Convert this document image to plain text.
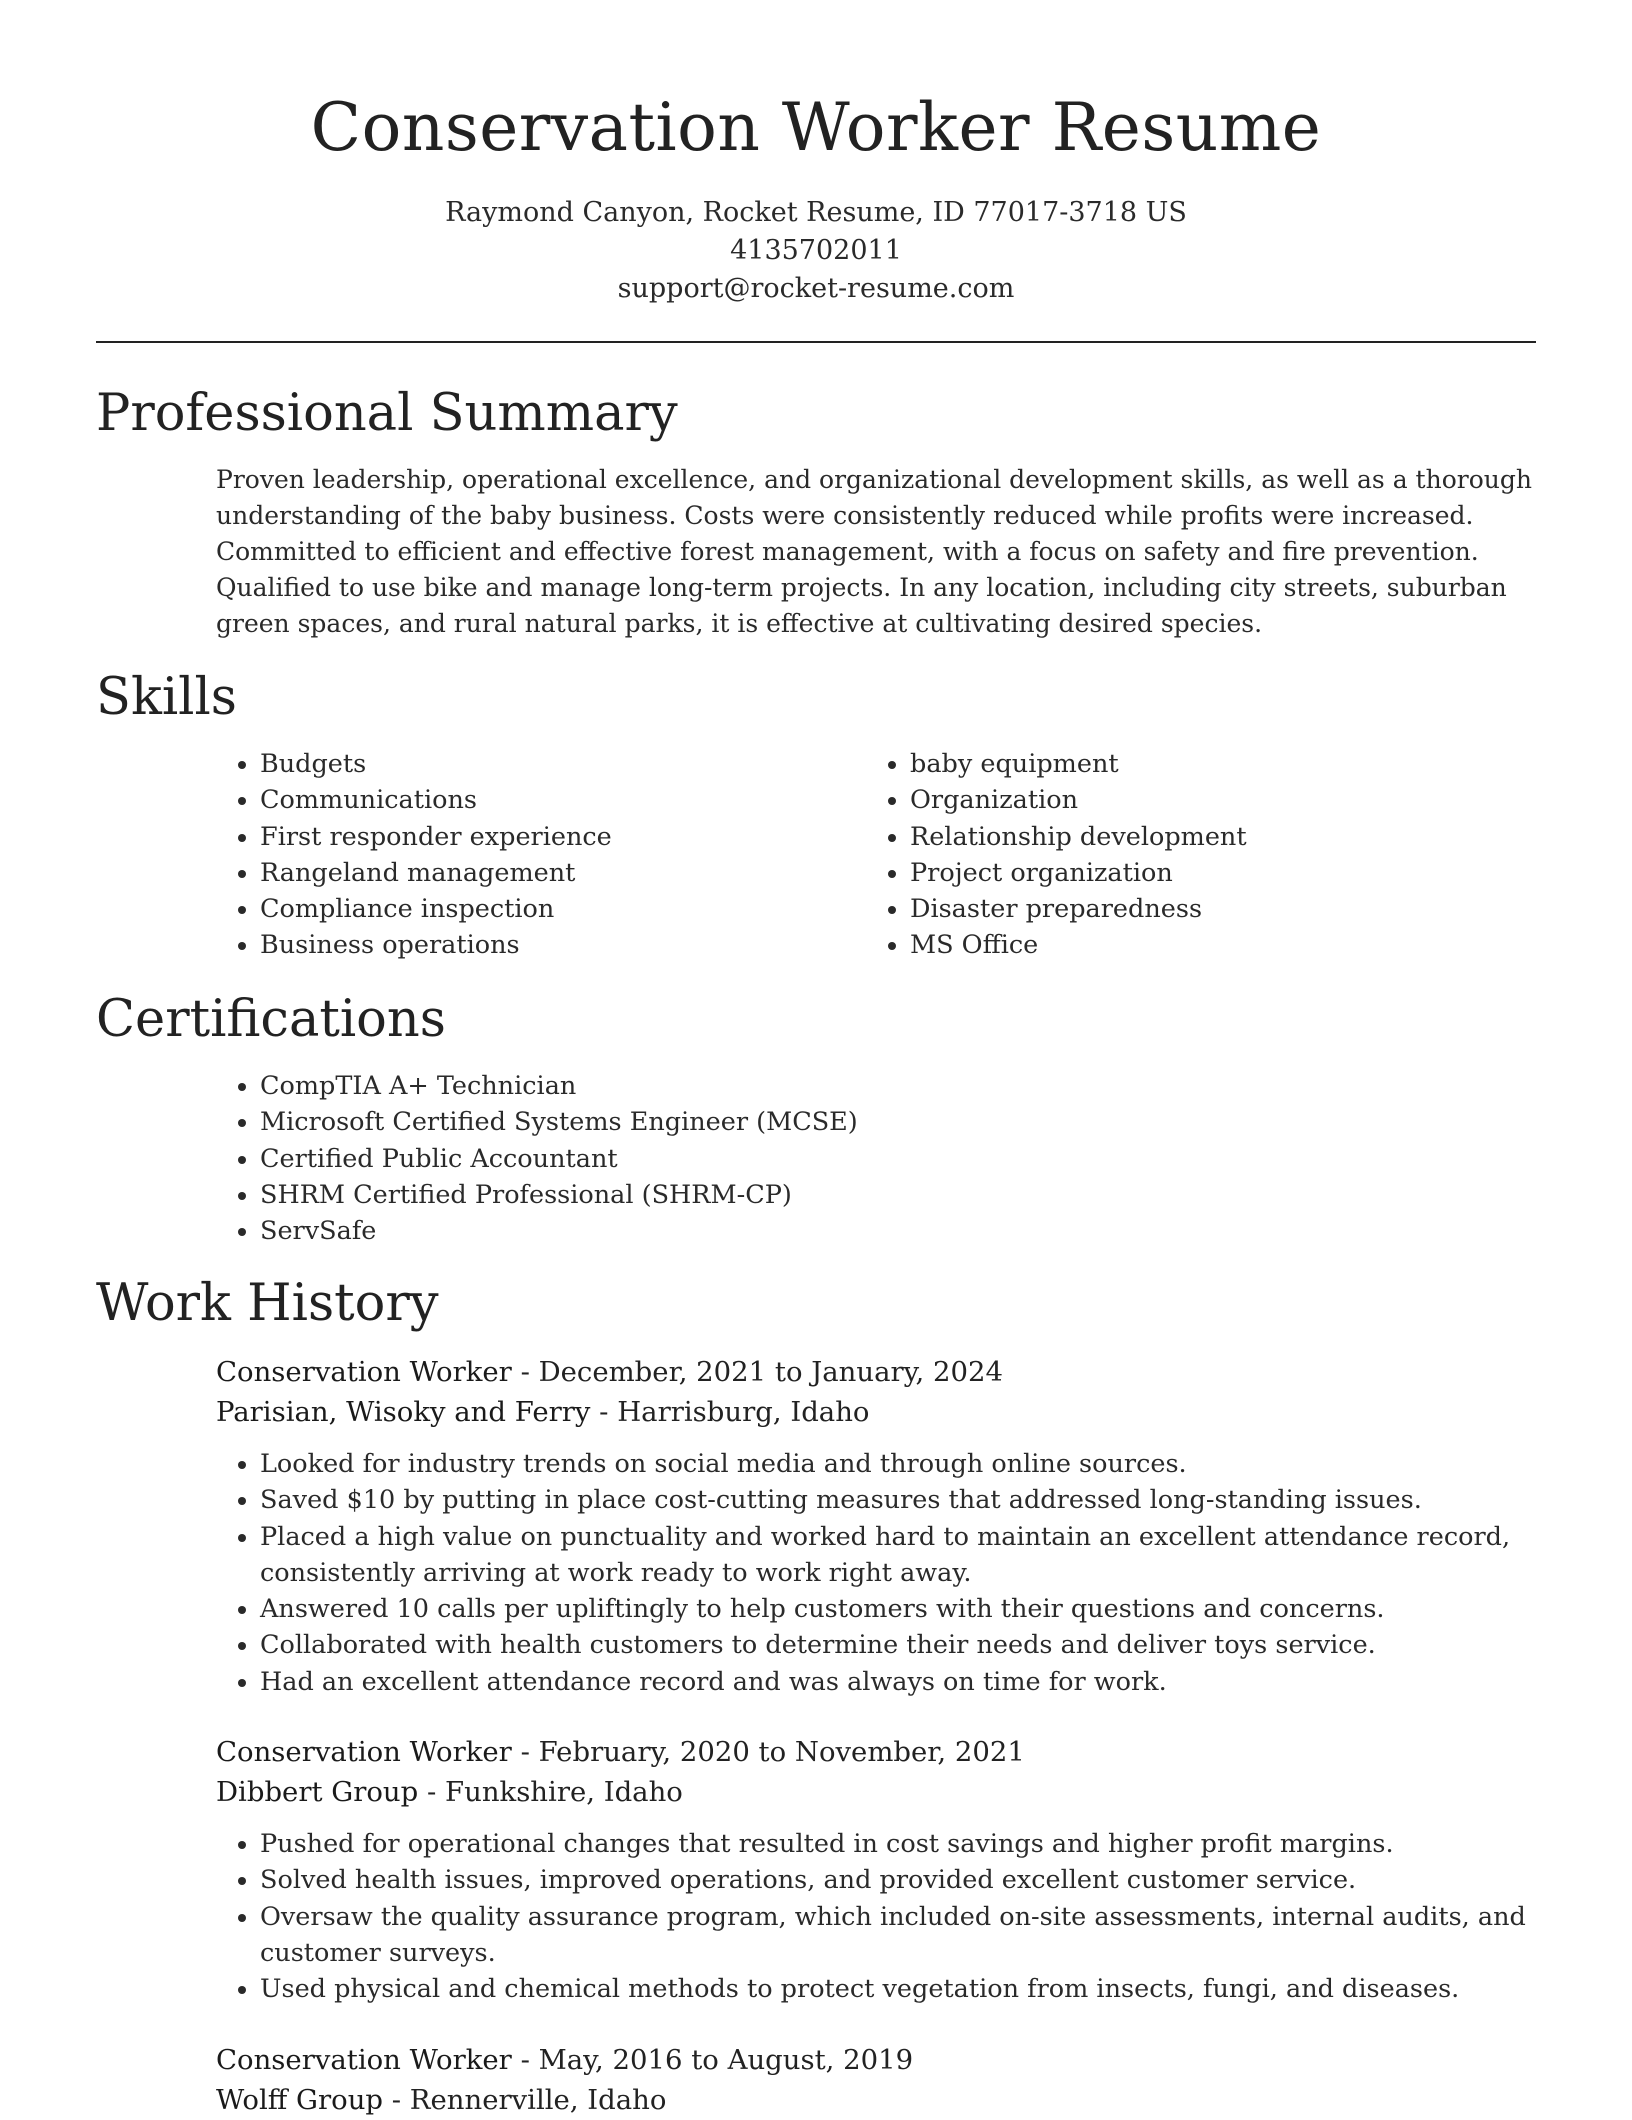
Conservation Worker Resume
Raymond Canyon, Rocket Resume, ID 77017-3718 US
4135702011
support@rocket-resume.com
Professional Summary

Proven leadership, operational excellence, and organizational development skills, as well as a thorough understanding of the baby business. Costs were consistently reduced while profits were increased. Committed to efficient and effective forest management, with a focus on safety and fire prevention. Qualified to use bike and manage long-term projects. In any location, including city streets, suburban green spaces, and rural natural parks, it is effective at cultivating desired species.

Skills
• Budgets
• Communications
• First responder experience
• Rangeland management
• Compliance inspection
• Business operations
• baby equipment
• Organization
• Relationship development
• Project organization
• Disaster preparedness
• MS Office
Certifications
• CompTIA A+ Technician
• Microsoft Certified Systems Engineer (MCSE)
• Certified Public Accountant
• SHRM Certified Professional (SHRM-CP)
• ServSafe
Work History
Conservation Worker - December, 2021 to January, 2024
Parisian, Wisoky and Ferry - Harrisburg, Idaho
• Looked for industry trends on social media and through online sources.
• Saved $10 by putting in place cost-cutting measures that addressed long-standing issues.
• Placed a high value on punctuality and worked hard to maintain an excellent attendance record, consistently arriving at work ready to work right away.
• Answered 10 calls per upliftingly to help customers with their questions and concerns.
• Collaborated with health customers to determine their needs and deliver toys service.
• Had an excellent attendance record and was always on time for work.
Conservation Worker - February, 2020 to November, 2021
Dibbert Group - Funkshire, Idaho
• Pushed for operational changes that resulted in cost savings and higher profit margins.
• Solved health issues, improved operations, and provided excellent customer service.
• Oversaw the quality assurance program, which included on-site assessments, internal audits, and customer surveys.
• Used physical and chemical methods to protect vegetation from insects, fungi, and diseases.
Conservation Worker - May, 2016 to August, 2019
Wolff Group - Rennerville, Idaho
